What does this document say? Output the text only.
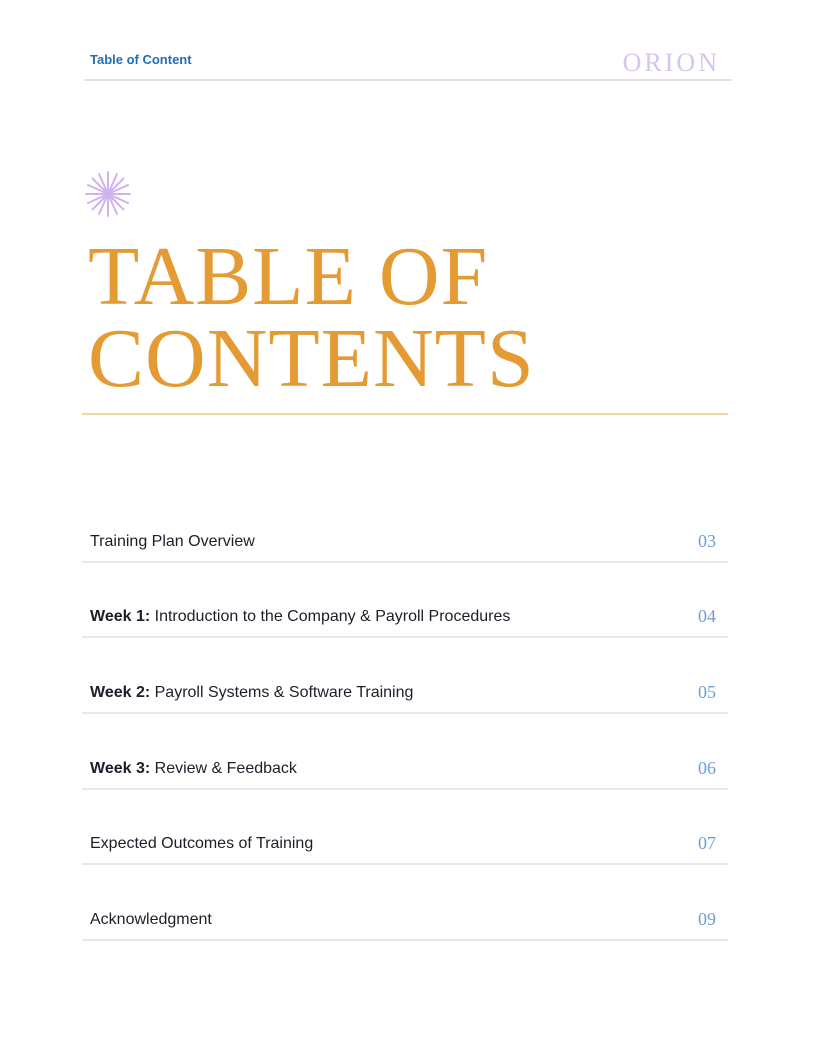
Table of Content	ORION
TABLE OF
CONTENTS
Training Plan Overview	03
Week 1: Introduction to the Company & Payroll Procedures	04
Week 2: Payroll Systems & Software Training	05
Week 3: Review & Feedback	06
Expected Outcomes of Training	07
Acknowledgment	09
